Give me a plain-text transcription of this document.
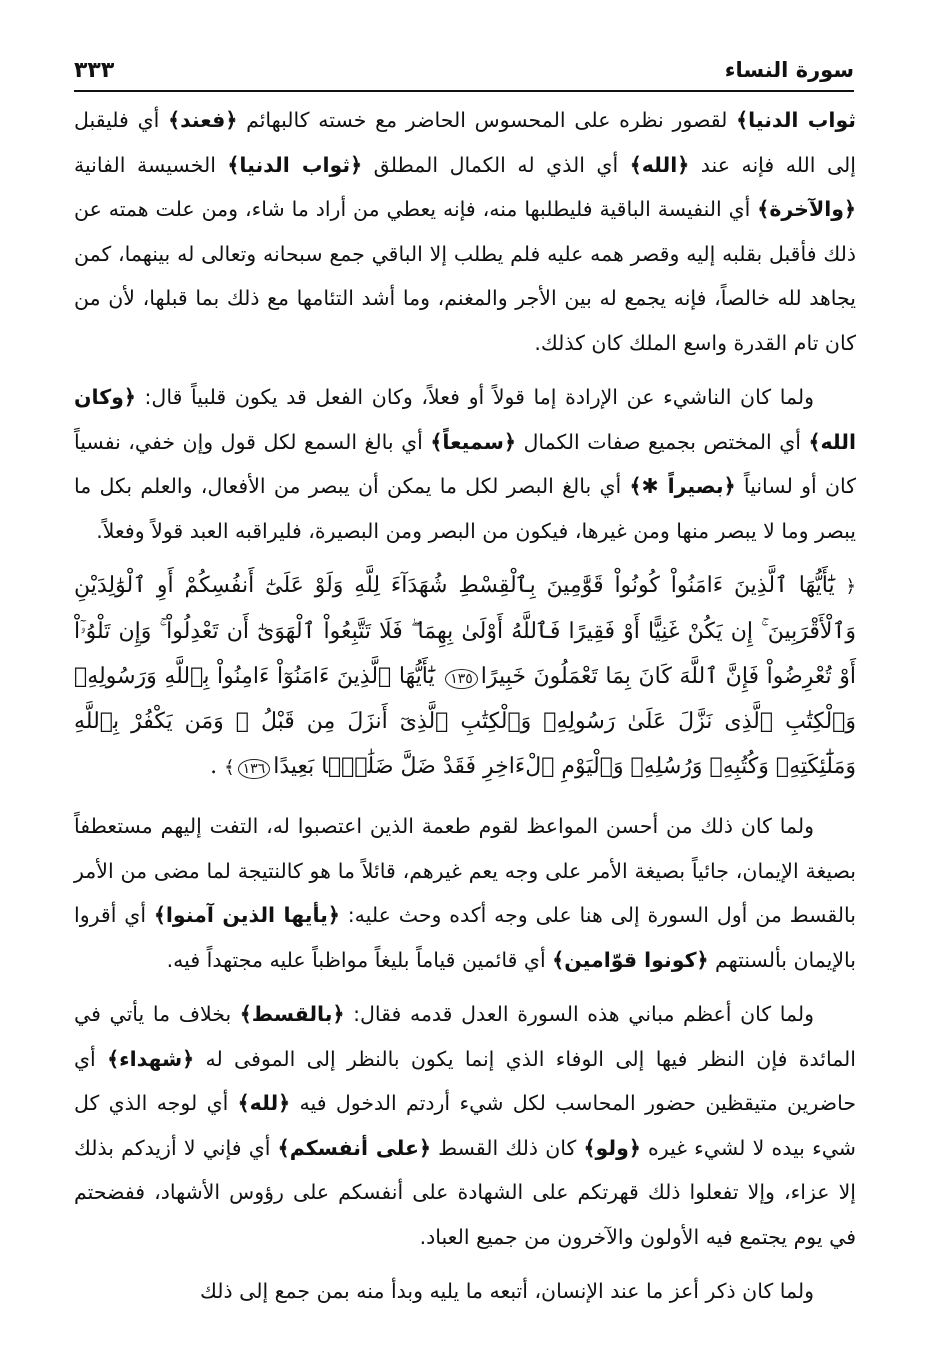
سورة النساء
٣٣٣

ثواب الدنيا﴾ لقصور نظره على المحسوس الحاضر مع خسته كالبهائم ﴿فعند﴾ أي فليقبل إلى الله فإنه عند ﴿الله﴾ أي الذي له الكمال المطلق ﴿ثواب الدنيا﴾ الخسيسة الفانية ﴿والآخرة﴾ أي النفيسة الباقية فليطلبها منه، فإنه يعطي من أراد ما شاء، ومن علت همته عن ذلك فأقبل بقلبه إليه وقصر همه عليه فلم يطلب إلا الباقي جمع سبحانه وتعالى له بينهما، كمن يجاهد لله خالصاً، فإنه يجمع له بين الأجر والمغنم، وما أشد التئامها مع ذلك بما قبلها، لأن من كان تام القدرة واسع الملك كان كذلك.

ولما كان الناشيء عن الإرادة إما قولاً أو فعلاً، وكان الفعل قد يكون قلبياً قال: ﴿وكان الله﴾ أي المختص بجميع صفات الكمال ﴿سميعاً﴾ أي بالغ السمع لكل قول وإن خفي، نفسياً كان أو لسانياً ﴿بصيراً ✱﴾ أي بالغ البصر لكل ما يمكن أن يبصر من الأفعال، والعلم بكل ما يبصر وما لا يبصر منها ومن غيرها، فيكون من البصر ومن البصيرة، فليراقبه العبد قولاً وفعلاً.

﴿ يَٰٓأَيُّهَا ٱلَّذِينَ ءَامَنُواْ كُونُواْ قَوَّٰمِينَ بِٱلْقِسْطِ شُهَدَآءَ لِلَّهِ وَلَوْ عَلَىٰٓ أَنفُسِكُمْ أَوِ ٱلْوَٰلِدَيْنِ وَٱلْأَقْرَبِينَ ۚ إِن يَكُنْ غَنِيًّا أَوْ فَقِيرًا فَٱللَّهُ أَوْلَىٰ بِهِمَا ۖ فَلَا تَتَّبِعُواْ ٱلْهَوَىٰٓ أَن تَعْدِلُواْ ۚ وَإِن تَلْوُۥٓاْ أَوْ تُعْرِضُواْ فَإِنَّ ٱللَّهَ كَانَ بِمَا تَعْمَلُونَ خَبِيرًا١٣٥ يَٰٓأَيُّهَا ٱلَّذِينَ ءَامَنُوٓاْ ءَامِنُواْ بِٱللَّهِ وَرَسُولِهِۦ وَٱلْكِتَٰبِ ٱلَّذِى نَزَّلَ عَلَىٰ رَسُولِهِۦ وَٱلْكِتَٰبِ ٱلَّذِىٓ أَنزَلَ مِن قَبْلُ ۚ وَمَن يَكْفُرْ بِٱللَّهِ وَمَلَٰٓئِكَتِهِۦ وَكُتُبِهِۦ وَرُسُلِهِۦ وَٱلْيَوْمِ ٱلْءَاخِرِ فَقَدْ ضَلَّ ضَلَٰلًۢا بَعِيدًا١٣٦﴾ .

ولما كان ذلك من أحسن المواعظ لقوم طعمة الذين اعتصبوا له، التفت إليهم مستعطفاً بصيغة الإيمان، جائياً بصيغة الأمر على وجه يعم غيرهم، قائلاً ما هو كالنتيجة لما مضى من الأمر بالقسط من أول السورة إلى هنا على وجه أكده وحث عليه: ﴿يأيها الذين آمنوا﴾ أي أقروا بالإيمان بألسنتهم ﴿كونوا قوّامين﴾ أي قائمين قياماً بليغاً مواظباً عليه مجتهداً فيه.

ولما كان أعظم مباني هذه السورة العدل قدمه فقال: ﴿بالقسط﴾ بخلاف ما يأتي في المائدة فإن النظر فيها إلى الوفاء الذي إنما يكون بالنظر إلى الموفى له ﴿شهداء﴾ أي حاضرين متيقظين حضور المحاسب لكل شيء أردتم الدخول فيه ﴿لله﴾ أي لوجه الذي كل شيء بيده لا لشيء غيره ﴿ولو﴾ كان ذلك القسط ﴿على أنفسكم﴾ أي فإني لا أزيدكم بذلك إلا عزاء، وإلا تفعلوا ذلك قهرتكم على الشهادة على أنفسكم على رؤوس الأشهاد، ففضحتم في يوم يجتمع فيه الأولون والآخرون من جميع العباد.

ولما كان ذكر أعز ما عند الإنسان، أتبعه ما يليه وبدأ منه بمن جمع إلى ذلك
